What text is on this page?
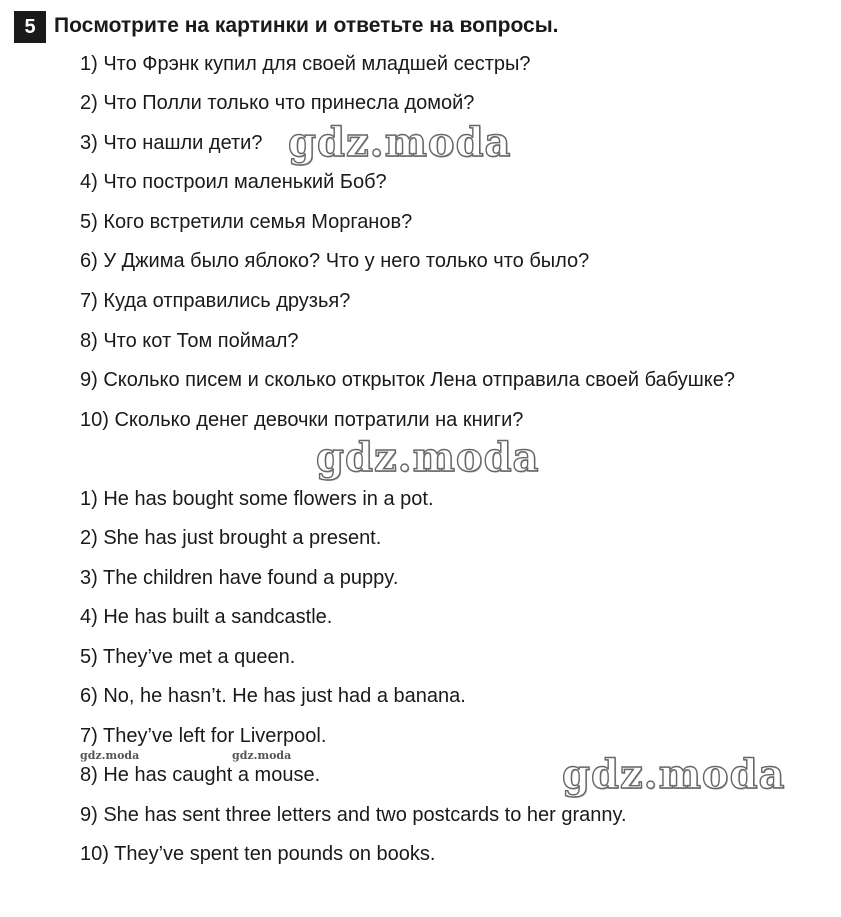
5 Посмотрите на картинки и ответьте на вопросы.
1) Что Фрэнк купил для своей младшей сестры?
2) Что Полли только что принесла домой?
3) Что нашли дети?
4) Что построил маленький Боб?
5) Кого встретили семья Морганов?
6) У Джима было яблоко? Что у него только что было?
7) Куда отправились друзья?
8) Что кот Том поймал?
9) Сколько писем и сколько открыток Лена отправила своей бабушке?
10) Сколько денег девочки потратили на книги?
1) He has bought some flowers in a pot.
2) She has just brought a present.
3) The children have found a puppy.
4) He has built a sandcastle.
5) They’ve met a queen.
6) No, he hasn’t. He has just had a banana.
7) They’ve left for Liverpool.
8) He has caught a mouse.
9) She has sent three letters and two postcards to her granny.
10) They’ve spent ten pounds on books.
gdz.moda
gdz.moda
gdz.moda
gdz.moda	gdz.moda
